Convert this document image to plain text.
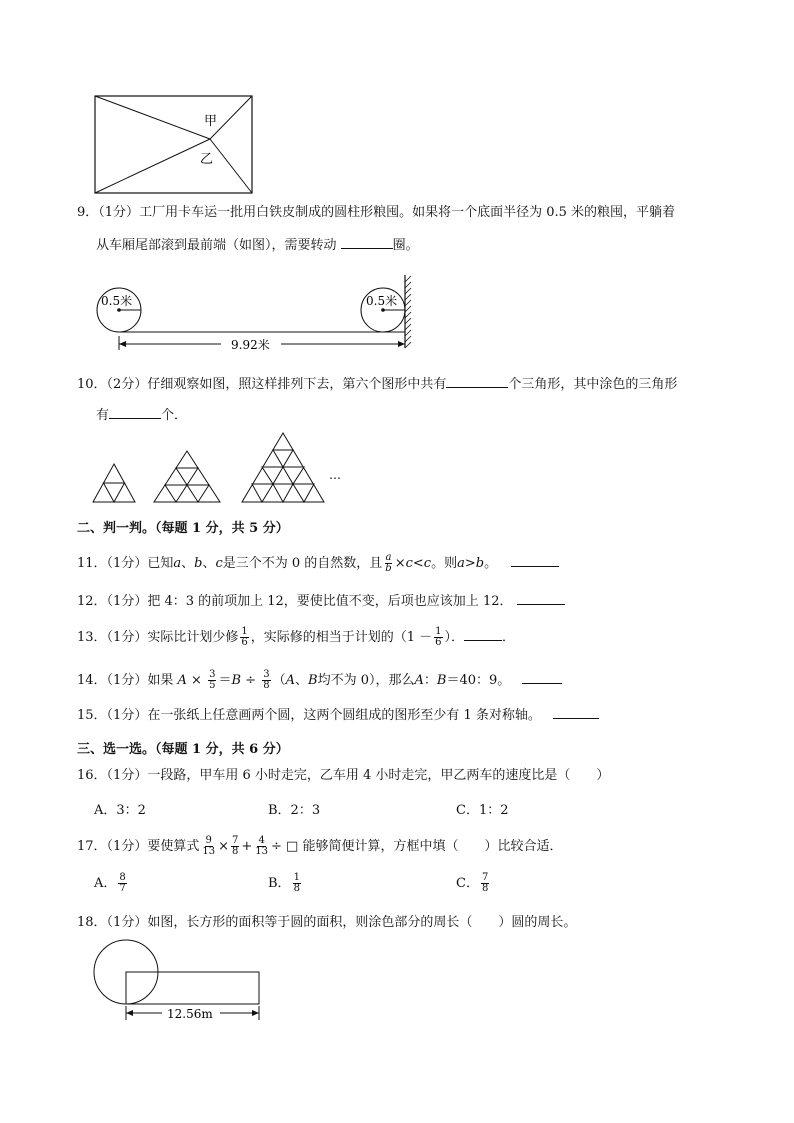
甲
乙
9．（1分）工厂用卡车运一批用白铁皮制成的圆柱形粮囤。如果将一个底面半径为 0.5 米的粮囤，平躺着
从车厢尾部滚到最前端（如图），需要转动	圈。
0.5米	0.5米
9.92米
10．（2分）仔细观察如图，照这样排列下去，第六个图形中共有	个三角形，其中涂色的三角形
有	个．
…
二、判一判。（每题 1 分，共 5 分）
11．（1分）已知a、b、c是三个不为 0 的自然数，且 $\frac{a}{b} \times c<c$。则a>b。
12．（1分）把 4：3 的前项加上 12，要使比值不变，后项也应该加上 12．
13．（1分）实际比计划少修 $\frac{1}{6}$ ，实际修的相当于计划的（$1 - \frac{1}{6}$ ）．	．
14．（1分）如果 $A \times \frac{3}{5} =B \div \frac{3}{8} (A$、B均不为 0），那么A：B＝40：9。
15．（1分）在一张纸上任意画两个圆，这两个圆组成的图形至少有 1 条对称轴。
三、选一选。（每题 1 分，共 6 分）
16．（1分）一段路，甲车用 6 小时走完，乙车用 4 小时走完，甲乙两车的速度比是（　　）
A．3：2	B．2：3	C．1：2
17．（1分）要使算式 $\frac{9}{13} \times \frac{7}{8} + \frac{4}{13}$ ÷ □ 能够简便计算，方框中填（　　）比较合适．
A． $\frac{8}{7}$	B． $\frac{1}{8}$	C． $\frac{7}{8}$
18．（1分）如图，长方形的面积等于圆的面积，则涂色部分的周长（　　）圆的周长。
12.56m
